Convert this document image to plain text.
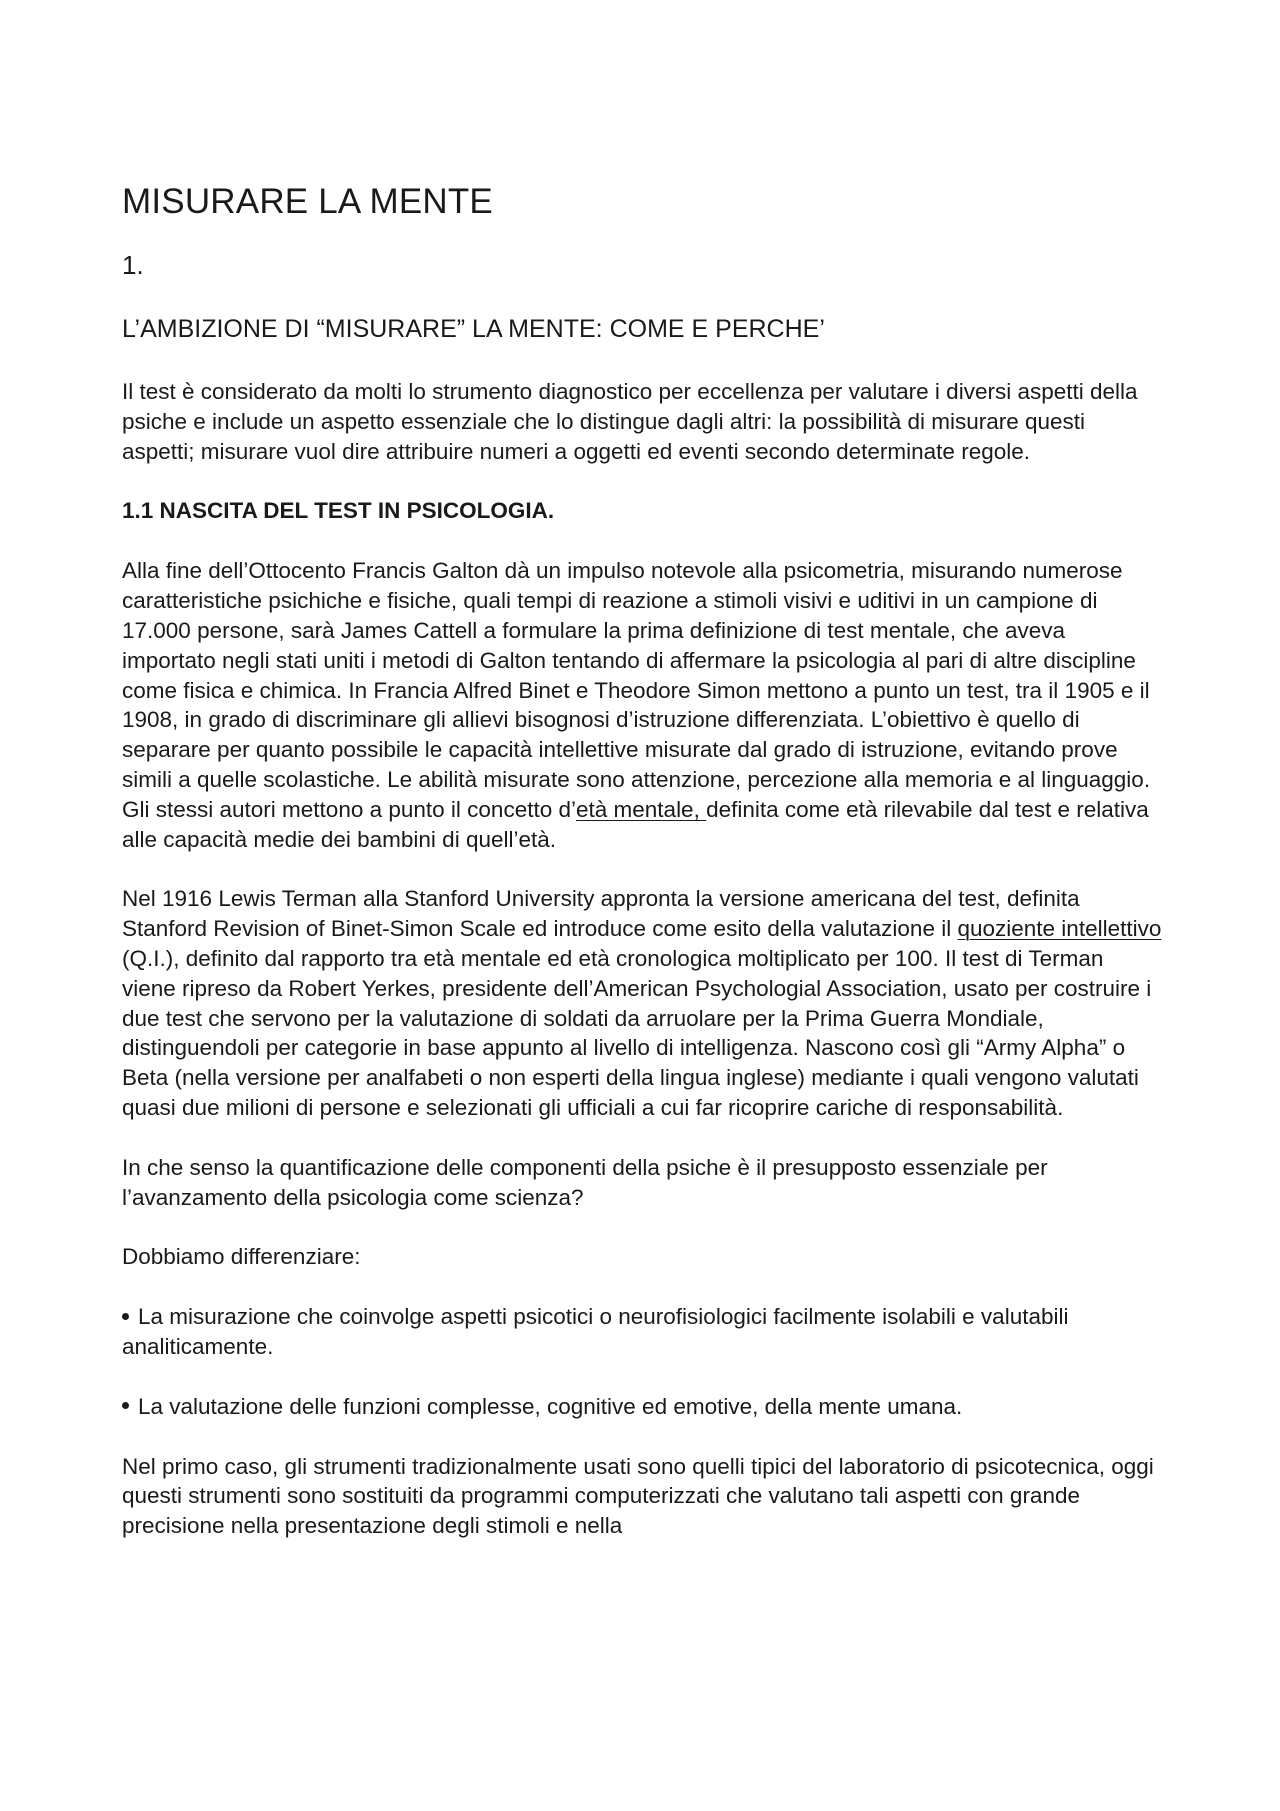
MISURARE LA MENTE
1.
L’AMBIZIONE DI “MISURARE” LA MENTE: COME E PERCHE’

Il test è considerato da molti lo strumento diagnostico per eccellenza per valutare i diversi aspetti della psiche e include un aspetto essenziale che lo distingue dagli altri: la possibilità di misurare questi aspetti; misurare vuol dire attribuire numeri a oggetti ed eventi secondo determinate regole.

1.1 NASCITA DEL TEST IN PSICOLOGIA.

Alla fine dell’Ottocento Francis Galton dà un impulso notevole alla psicometria, misurando numerose caratteristiche psichiche e fisiche, quali tempi di reazione a stimoli visivi e uditivi in un campione di 17.000 persone, sarà James Cattell a formulare la prima definizione di test mentale, che aveva importato negli stati uniti i metodi di Galton tentando di affermare la psicologia al pari di altre discipline come fisica e chimica. In Francia Alfred Binet e Theodore Simon mettono a punto un test, tra il 1905 e il 1908, in grado di discriminare gli allievi bisognosi d’istruzione differenziata. L’obiettivo è quello di separare per quanto possibile le capacità intellettive misurate dal grado di istruzione, evitando prove simili a quelle scolastiche. Le abilità misurate sono attenzione, percezione alla memoria e al linguaggio. Gli stessi autori mettono a punto il concetto d’età mentale, definita come età rilevabile dal test e relativa alle capacità medie dei bambini di quell’età.

Nel 1916 Lewis Terman alla Stanford University appronta la versione americana del test, definita Stanford Revision of Binet-Simon Scale ed introduce come esito della valutazione il quoziente intellettivo (Q.I.), definito dal rapporto tra età mentale ed età cronologica moltiplicato per 100. Il test di Terman viene ripreso da Robert Yerkes, presidente dell’American Psychologial Association, usato per costruire i due test che servono per la valutazione di soldati da arruolare per la Prima Guerra Mondiale, distinguendoli per categorie in base appunto al livello di intelligenza. Nascono così gli “Army Alpha” o Beta (nella versione per analfabeti o non esperti della lingua inglese) mediante i quali vengono valutati quasi due milioni di persone e selezionati gli ufficiali a cui far ricoprire cariche di responsabilità.

In che senso la quantificazione delle componenti della psiche è il presupposto essenziale per l’avanzamento della psicologia come scienza?

Dobbiamo differenziare:

La misurazione che coinvolge aspetti psicotici o neurofisiologici facilmente isolabili e valutabili analiticamente.

La valutazione delle funzioni complesse, cognitive ed emotive, della mente umana.

Nel primo caso, gli strumenti tradizionalmente usati sono quelli tipici del laboratorio di psicotecnica, oggi questi strumenti sono sostituiti da programmi computerizzati che valutano tali aspetti con grande precisione nella presentazione degli stimoli e nella
